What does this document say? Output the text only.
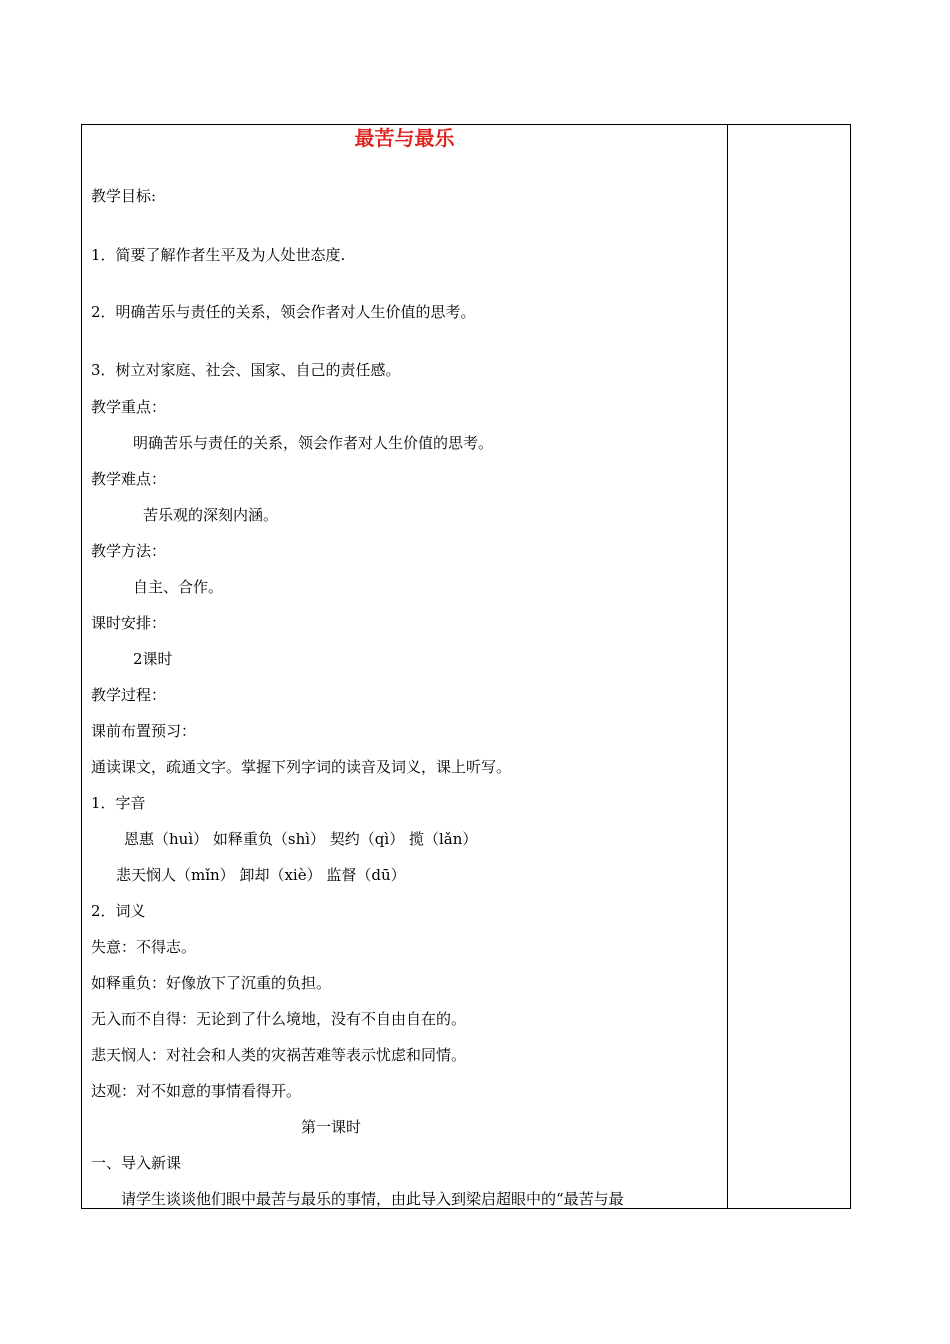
最苦与最乐
教学目标:
1．简要了解作者生平及为人处世态度.
2．明确苦乐与责任的关系，领会作者对人生价值的思考。
3．树立对家庭、社会、国家、自己的责任感。
教学重点：
明确苦乐与责任的关系，领会作者对人生价值的思考。
教学难点：
苦乐观的深刻内涵。
教学方法：
自主、合作。
课时安排：
2课时
教学过程：
课前布置预习：
通读课文，疏通文字。掌握下列字词的读音及词义，课上听写。
1．字音
恩惠（huì） 如释重负（shì） 契约（qì） 揽（lǎn）
悲天悯人（mǐn） 卸却（xiè） 监督（dū）
2．词义
失意：不得志。
如释重负：好像放下了沉重的负担。
无入而不自得：无论到了什么境地，没有不自由自在的。
悲天悯人：对社会和人类的灾祸苦难等表示忧虑和同情。
达观：对不如意的事情看得开。
第一课时
一、导入新课
请学生谈谈他们眼中最苦与最乐的事情，由此导入到梁启超眼中的“最苦与最
